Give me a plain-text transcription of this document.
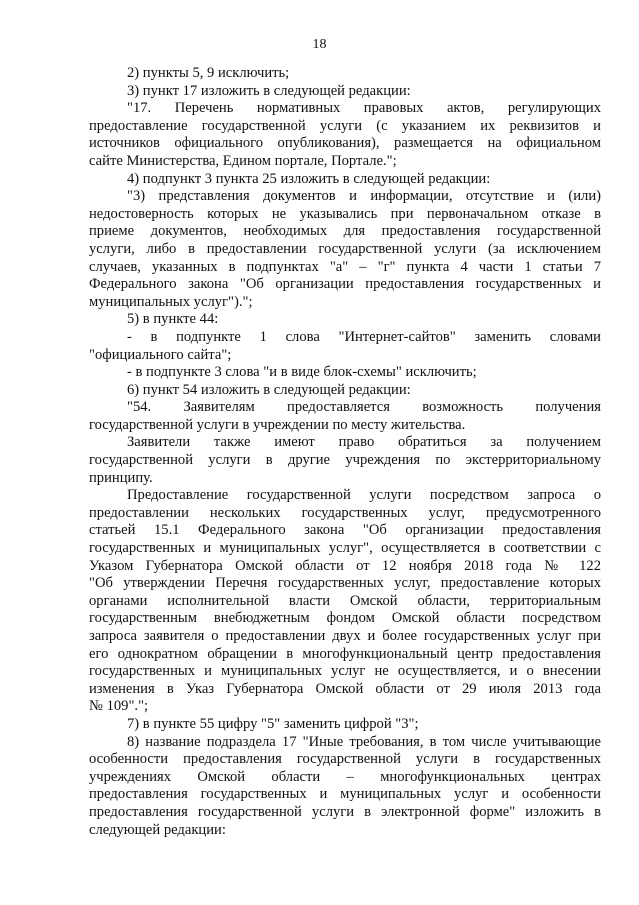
18
2) пункты 5, 9 исключить;
3) пункт 17 изложить в следующей редакции:
"17. Перечень нормативных правовых актов, регулирующих
предоставление государственной услуги (с указанием их реквизитов и
источников официального опубликования), размещается на официальном
сайте Министерства, Едином портале, Портале.";
4) подпункт 3 пункта 25 изложить в следующей редакции:
"3) представления документов и информации, отсутствие и (или)
недостоверность которых не указывались при первоначальном отказе в
приеме документов, необходимых для предоставления государственной
услуги, либо в предоставлении государственной услуги (за исключением
случаев, указанных в подпунктах "а" – "г" пункта 4 части 1 статьи 7
Федерального закона "Об организации предоставления государственных и
муниципальных услуг").";
5) в пункте 44:
- в подпункте 1 слова "Интернет-сайтов" заменить словами
"официального сайта";
- в подпункте 3 слова "и в виде блок-схемы" исключить;
6) пункт 54 изложить в следующей редакции:
"54. Заявителям предоставляется возможность получения
государственной услуги в учреждении по месту жительства.
Заявители также имеют право обратиться за получением
государственной услуги в другие учреждения по экстерриториальному
принципу.
Предоставление государственной услуги посредством запроса о
предоставлении нескольких государственных услуг, предусмотренного
статьей 15.1 Федерального закона "Об организации предоставления
государственных и муниципальных услуг", осуществляется в соответствии с
Указом Губернатора Омской области от 12 ноября 2018 года № 122
"Об утверждении Перечня государственных услуг, предоставление которых
органами исполнительной власти Омской области, территориальным
государственным внебюджетным фондом Омской области посредством
запроса заявителя о предоставлении двух и более государственных услуг при
его однократном обращении в многофункциональный центр предоставления
государственных и муниципальных услуг не осуществляется, и о внесении
изменения в Указ Губернатора Омской области от 29 июля 2013 года
№ 109".";
7) в пункте 55 цифру "5" заменить цифрой "3";
8) название подраздела 17 "Иные требования, в том числе учитывающие
особенности предоставления государственной услуги в государственных
учреждениях Омской области – многофункциональных центрах
предоставления государственных и муниципальных услуг и особенности
предоставления государственной услуги в электронной форме" изложить в
следующей редакции:
